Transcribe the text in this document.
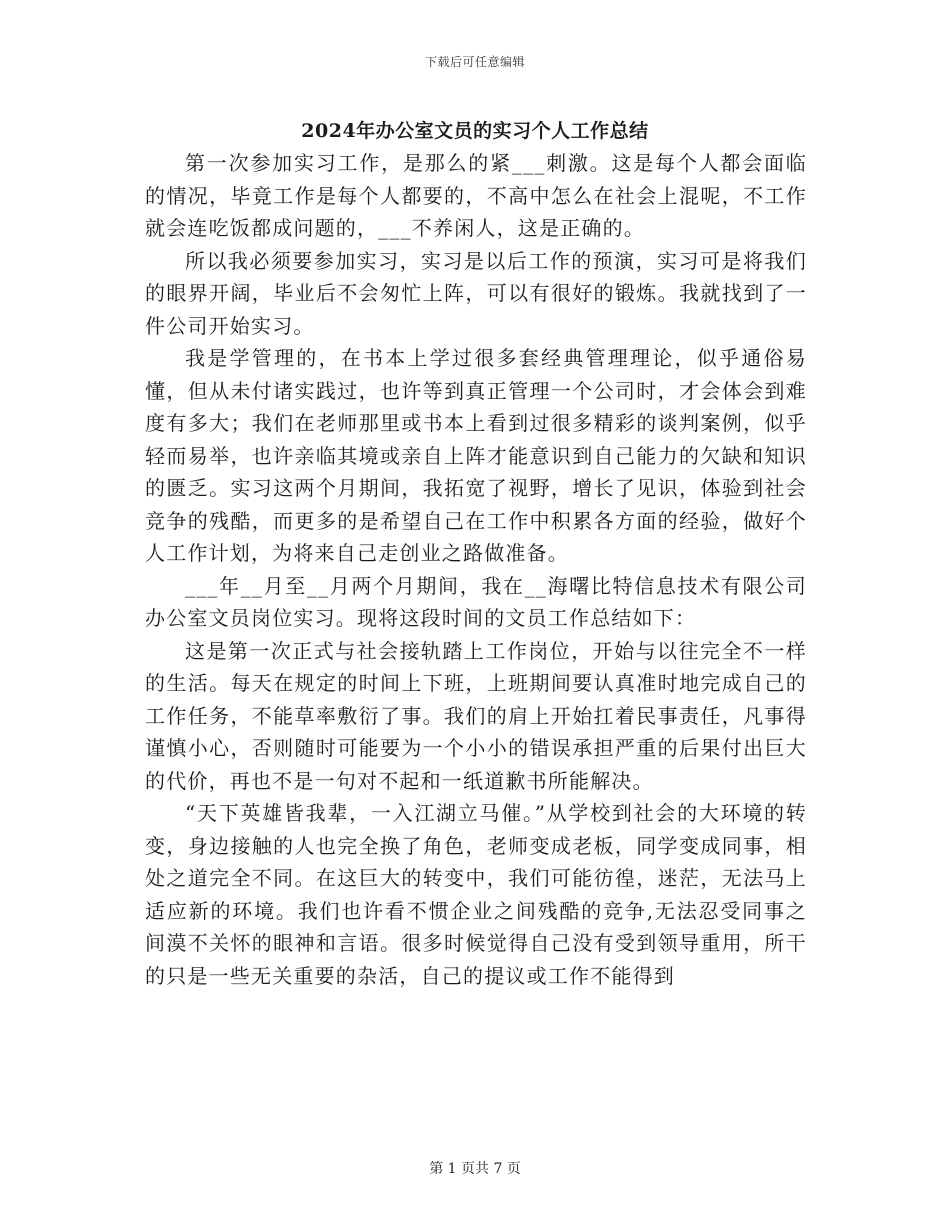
下载后可任意编辑
2024年办公室文员的实习个人工作总结

第一次参加实习工作，是那么的紧___刺激。这是每个人都会面临的情况，毕竟工作是每个人都要的，不高中怎么在社会上混呢，不工作就会连吃饭都成问题的，___不养闲人，这是正确的。

所以我必须要参加实习，实习是以后工作的预演，实习可是将我们的眼界开阔，毕业后不会匆忙上阵，可以有很好的锻炼。我就找到了一件公司开始实习。

我是学管理的，在书本上学过很多套经典管理理论，似乎通俗易懂，但从未付诸实践过，也许等到真正管理一个公司时，才会体会到难度有多大；我们在老师那里或书本上看到过很多精彩的谈判案例，似乎轻而易举，也许亲临其境或亲自上阵才能意识到自己能力的欠缺和知识的匮乏。实习这两个月期间，我拓宽了视野，增长了见识，体验到社会竞争的残酷，而更多的是希望自己在工作中积累各方面的经验，做好个人工作计划，为将来自己走创业之路做准备。

___年__月至__月两个月期间，我在__海曙比特信息技术有限公司办公室文员岗位实习。现将这段时间的文员工作总结如下：

这是第一次正式与社会接轨踏上工作岗位，开始与以往完全不一样的生活。每天在规定的时间上下班，上班期间要认真准时地完成自己的工作任务，不能草率敷衍了事。我们的肩上开始扛着民事责任，凡事得谨慎小心，否则随时可能要为一个小小的错误承担严重的后果付出巨大的代价，再也不是一句对不起和一纸道歉书所能解决。

“天下英雄皆我辈，一入江湖立马催。”从学校到社会的大环境的转变，身边接触的人也完全换了角色，老师变成老板，同学变成同事，相处之道完全不同。在这巨大的转变中，我们可能彷徨，迷茫，无法马上适应新的环境。我们也许看不惯企业之间残酷的竞争,无法忍受同事之间漠不关怀的眼神和言语。很多时候觉得自己没有受到领导重用，所干的只是一些无关重要的杂活，自己的提议或工作不能得到

第 1 页共 7 页
